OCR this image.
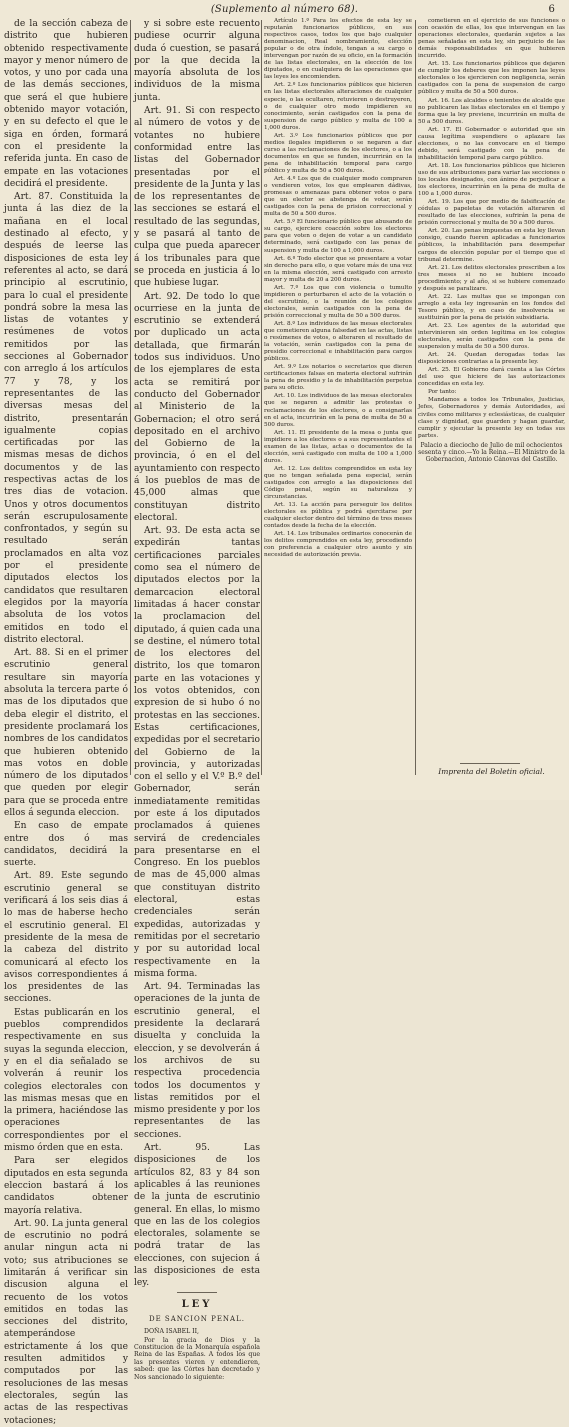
(Suplemento al número 68).	6

de la sección cabeza de distrito que hubieren obtenido respectivamente mayor y menor número de votos, y uno por cada una de las demás secciones, que será el que hubiere obtenido mayor votación, y en su defecto el que le siga en órden, formará con el presidente la referida junta. En caso de empate en las votaciones decidirá el presidente.

Art. 87. Constituida la junta á las diez de la mañana en el local destinado al efecto, y después de leerse las disposiciones de esta ley referentes al acto, se dará principio al escrutinio, para lo cual el presidente pondrá sobre la mesa las listas de votantes y resúmenes de votos remitidos por las secciones al Gobernador con arreglo á los artículos 77 y 78, y los representantes de las diversas mesas del distrito, presentarán igualmente copias certificadas por las mismas mesas de dichos documentos y de las respectivas actas de los tres dias de votacion. Unos y otros documentos serán escrupulosamente confrontados, y según su resultado serán proclamados en alta voz por el presidente diputados electos los candidatos que resultaren elegidos por la mayoría absoluta de los votos emitidos en todo el distrito electoral.

Art. 88. Si en el primer escrutinio general resultare sin mayoría absoluta la tercera parte ó mas de los diputados que deba elegir el distrito, el presidente proclamará los nombres de los candidatos que hubieren obtenido mas votos en doble número de los diputados que queden por elegir para que se proceda entre ellos á segunda eleccion.

En caso de empate entre dos ó mas candidatos, decidirá la suerte.

Art. 89. Este segundo escrutinio general se verificará á los seis dias á lo mas de haberse hecho el escrutinio general. El presidente de la mesa de la cabeza del distrito comunicará al efecto los avisos correspondientes á los presidentes de las secciones.

Estas publicarán en los pueblos comprendidos respectivamente en sus suyas la segunda eleccion, y en el dia señalado se volverán á reunir los colegios electorales con las mismas mesas que en la primera, haciéndose las operaciones correspondientes por el mismo órden que en esta.

Para ser elegidos diputados en esta segunda eleccion bastará á los candidatos obtener mayoría relativa.

Art. 90. La junta general de escrutinio no podrá anular ningun acta ni voto; sus atribuciones se limitarán á verificar sin discusion alguna el recuento de los votos emitidos en todas las secciones del distrito, atemperándose estrictamente á los que resulten admitidos y computados por las resoluciones de las mesas electorales, según las actas de las respectivas votaciones;

y si sobre este recuento pudiese ocurrir alguna duda ó cuestion, se pasará por la que decida la mayoría absoluta de los individuos de la misma junta.

Art. 91. Si con respecto al número de votos y de votantes no hubiere conformidad entre las listas del Gobernador presentadas por el presidente de la Junta y las de los representantes de las secciones se estará el resultado de las segundas, y se pasará al tanto de culpa que pueda aparecer á los tribunales para que se proceda en justicia á lo que hubiese lugar.

Art. 92. De todo lo que ocurriese en la junta de escrutinio se extenderá por duplicado un acta detallada, que firmarán todos sus individuos. Uno de los ejemplares de esta acta se remitirá por conducto del Gobernador al Ministerio de la Gobernacion; el otro será depositado en el archivo del Gobierno de la provincia, ó en el del ayuntamiento con respecto á los pueblos de mas de 45,000 almas que constituyan distrito electoral.

Art. 93. De esta acta se expedirán tantas certificaciones parciales como sea el número de diputados electos por la demarcacion electoral limitadas á hacer constar la proclamacion del diputado, á quien cada una se destine, el número total de los electores del distrito, los que tomaron parte en las votaciones y los votos obtenidos, con expresion de si hubo ó no protestas en las secciones. Estas certificaciones, expedidas por el secretario del Gobierno de la provincia, y autorizadas con el sello y el V.º B.º del Gobernador, serán inmediatamente remitidas por este á los diputados proclamados á quienes servirá de credenciales para presentarse en el Congreso. En los pueblos de mas de 45,000 almas que constituyan distrito electoral, estas credenciales serán expedidas, autorizadas y remitidas por el secretario y por su autoridad local respectivamente en la misma forma.

Art. 94. Terminadas las operaciones de la junta de escrutinio general, el presidente la declarará disuelta y concluida la eleccion, y se devolverán á los archivos de su respectiva procedencia todos los documentos y listas remitidos por el mismo presidente y por los representantes de las secciones.

Art. 95. Las disposiciones de los artículos 82, 83 y 84 son aplicables á las reuniones de la junta de escrutinio general. En ellas, lo mismo que en las de los colegios electorales, solamente se podrá tratar de las elecciones, con sujecion á las disposiciones de esta ley.

LEY
DE SANCION PENAL.

DOÑA ISABEL II,

Por la gracia de Dios y la Constitucion de la Monarquía española Reina de las Españas. A todos los que las presentes vieren y entendieren, sabed: que las Córtes han decretado y Nos sancionado lo siguiente:

Artículo 1.º Para los efectos de esta ley se reputarán funcionarios públicos, en sus respectivos casos, todos los que bajo cualquier denominacion, Real nombramiento, elección popular o de otra índole, tengan a su cargo o intervengan por razón de su oficio, en la formación de las listas electorales, en la elección de los diputados, o en cualquiera de las operaciones que las leyes les encomienden.

Art. 2.º Los funcionarios públicos que hicieren en las listas electorales alteraciones de cualquier especie, o las ocultaren, retuvieren o destruyeren, o de cualquier otro modo impidieren su conocimiento, serán castigados con la pena de suspension de cargo público y multa de 100 a 1,000 duros.

Art. 3.º Los funcionarios públicos que por medios ilegales impidieren o se negaren a dar curso a las reclamaciones de los electores, o a los documentos en que se funden, incurrirán en la pena de inhabilitación temporal para cargo público y multa de 50 a 500 duros.

Art. 4.º Los que de cualquier modo compraren o vendieren votos, los que emplearen dádivas, promesas o amenazas para obtener votos o para que un elector se abstenga de votar, serán castigados con la pena de prision correccional y multa de 50 a 500 duros.

Art. 5.º El funcionario público que abusando de su cargo, ejerciere coacción sobre los electores para que voten o dejen de votar a un candidato determinado, será castigado con las penas de suspension y multa de 100 a 1,000 duros.

Art. 6.º Todo elector que se presentare a votar sin derecho para ello, o que votare más de una vez en la misma elección, será castigado con arresto mayor y multa de 20 a 200 duros.

Art. 7.º Los que con violencia o tumulto impidieren o perturbaren el acto de la votación o del escrutinio, o la reunión de los colegios electorales, serán castigados con la pena de prisión correccional y multa de 50 a 500 duros.

Art. 8.º Los individuos de las mesas electorales que cometieren alguna falsedad en las actas, listas o resúmenes de votos, o alteraren el resultado de la votación, serán castigados con la pena de presidio correccional e inhabilitación para cargos públicos.

Art. 9.º Los notarios o secretarios que dieren certificaciones falsas en materia electoral sufrirán la pena de presidio y la de inhabilitación perpetua para su oficio.

Art. 10. Los individuos de las mesas electorales que se negaren a admitir las protestas o reclamaciones de los electores, o a consignarlas en el acta, incurrirán en la pena de multa de 50 a 500 duros.

Art. 11. El presidente de la mesa o junta que impidiere a los electores o a sus representantes el examen de las listas, actas o documentos de la elección, será castigado con multa de 100 a 1,000 duros.

Art. 12. Los delitos comprendidos en esta ley que no tengan señalada pena especial, serán castigados con arreglo a las disposiciones del Código penal, según su naturaleza y circunstancias.

Art. 13. La acción para perseguir los delitos electorales es pública y podrá ejercitarse por cualquier elector dentro del término de tres meses contados desde la fecha de la elección.

Art. 14. Los tribunales ordinarios conocerán de los delitos comprendidos en esta ley, procediendo con preferencia a cualquier otro asunto y sin necesidad de autorización previa.

cometieren en el ejercicio de sus funciones o con ocasión de ellas, los que intervengan en las operaciones electorales, quedarán sujetos a las penas señaladas en esta ley, sin perjuicio de las demás responsabilidades en que hubieren incurrido.

Art. 15. Los funcionarios públicos que dejaren de cumplir los deberes que les imponen las leyes electorales o los ejercieren con negligencia, serán castigados con la pena de suspension de cargo público y multa de 50 a 500 duros.

Art. 16. Los alcaldes o tenientes de alcalde que no publicaren las listas electorales en el tiempo y forma que la ley previene, incurrirán en multa de 50 a 500 duros.

Art. 17. El Gobernador o autoridad que sin causa legítima suspendiere o aplazare las elecciones, o no las convocare en el tiempo debido, será castigado con la pena de inhabilitación temporal para cargo público.

Art. 18. Los funcionarios públicos que hicieren uso de sus atribuciones para variar las secciones o los locales designados, con ánimo de perjudicar a los electores, incurrirán en la pena de multa de 100 a 1,000 duros.

Art. 19. Los que por medio de falsificación de cédulas o papeletas de votación alteraren el resultado de las elecciones, sufrirán la pena de prisión correccional y multa de 50 a 500 duros.

Art. 20. Las penas impuestas en esta ley llevan consigo, cuando fueren aplicadas a funcionarios públicos, la inhabilitación para desempeñar cargos de elección popular por el tiempo que el tribunal determine.

Art. 21. Los delitos electorales prescriben a los tres meses si no se hubiere incoado procedimiento; y al año, si se hubiere comenzado y después se paralizare.

Art. 22. Las multas que se impongan con arreglo a esta ley ingresarán en los fondos del Tesoro público, y en caso de insolvencia se sustituirán por la pena de prisión subsidiaria.

Art. 23. Los agentes de la autoridad que intervinieren sin orden legítima en los colegios electorales, serán castigados con la pena de suspension y multa de 50 a 500 duros.

Art. 24. Quedan derogadas todas las disposiciones contrarias a la presente ley.

Art. 25. El Gobierno dará cuenta a las Córtes del uso que hiciere de las autorizaciones concedidas en esta ley.

Por tanto:

Mandamos a todos los Tribunales, Justicias, Jefes, Gobernadores y demás Autoridades, así civiles como militares y eclesiásticas, de cualquier clase y dignidad, que guarden y hagan guardar, cumplir y ejecutar la presente ley en todas sus partes.

Palacio a dieciocho de Julio de mil ochocientos sesenta y cinco.—Yo la Reina.—El Ministro de la Gobernacion, Antonio Cánovas del Castillo.
Imprenta del Boletin oficial.
